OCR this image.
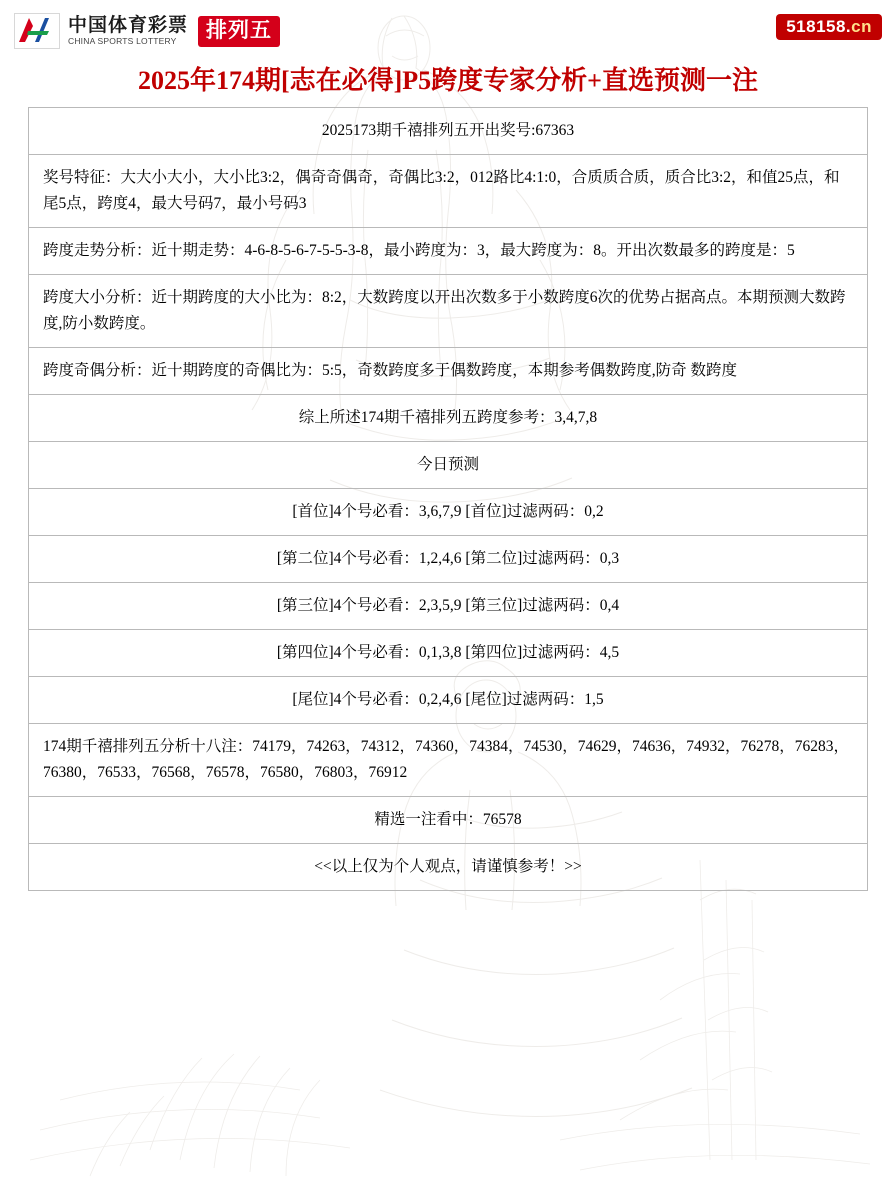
中国体育彩票
CHINA SPORTS LOTTERY	排列五	518158.cn
2025年174期[志在必得]P5跨度专家分析+直选预测一注
2025173期千禧排列五开出奖号:67363
奖号特征：大大小大小，大小比3:2，偶奇奇偶奇，奇偶比3:2，012路比4:1:0，合质质合质，质合比3:2，和值25点，和尾5点，跨度4，最大号码7，最小号码3
跨度走势分析：近十期走势：4-6-8-5-6-7-5-5-3-8，最小跨度为：3，最大跨度为：8。开出次数最多的跨度是：5
跨度大小分析：近十期跨度的大小比为：8:2，大数跨度以开出次数多于小数跨度6次的优势占据高点。本期预测大数跨度,防小数跨度。
跨度奇偶分析：近十期跨度的奇偶比为：5:5，奇数跨度多于偶数跨度，本期参考偶数跨度,防奇 数跨度
综上所述174期千禧排列五跨度参考：3,4,7,8
今日预测
[首位]4个号必看：3,6,7,9 [首位]过滤两码：0,2
[第二位]4个号必看：1,2,4,6 [第二位]过滤两码：0,3
[第三位]4个号必看：2,3,5,9 [第三位]过滤两码：0,4
[第四位]4个号必看：0,1,3,8 [第四位]过滤两码：4,5
[尾位]4个号必看：0,2,4,6 [尾位]过滤两码：1,5
174期千禧排列五分析十八注：74179，74263，74312，74360，74384，74530，74629，74636，74932，76278，76283，76380，76533，76568，76578，76580，76803，76912
精选一注看中：76578
<<以上仅为个人观点，请谨慎参考！>>
